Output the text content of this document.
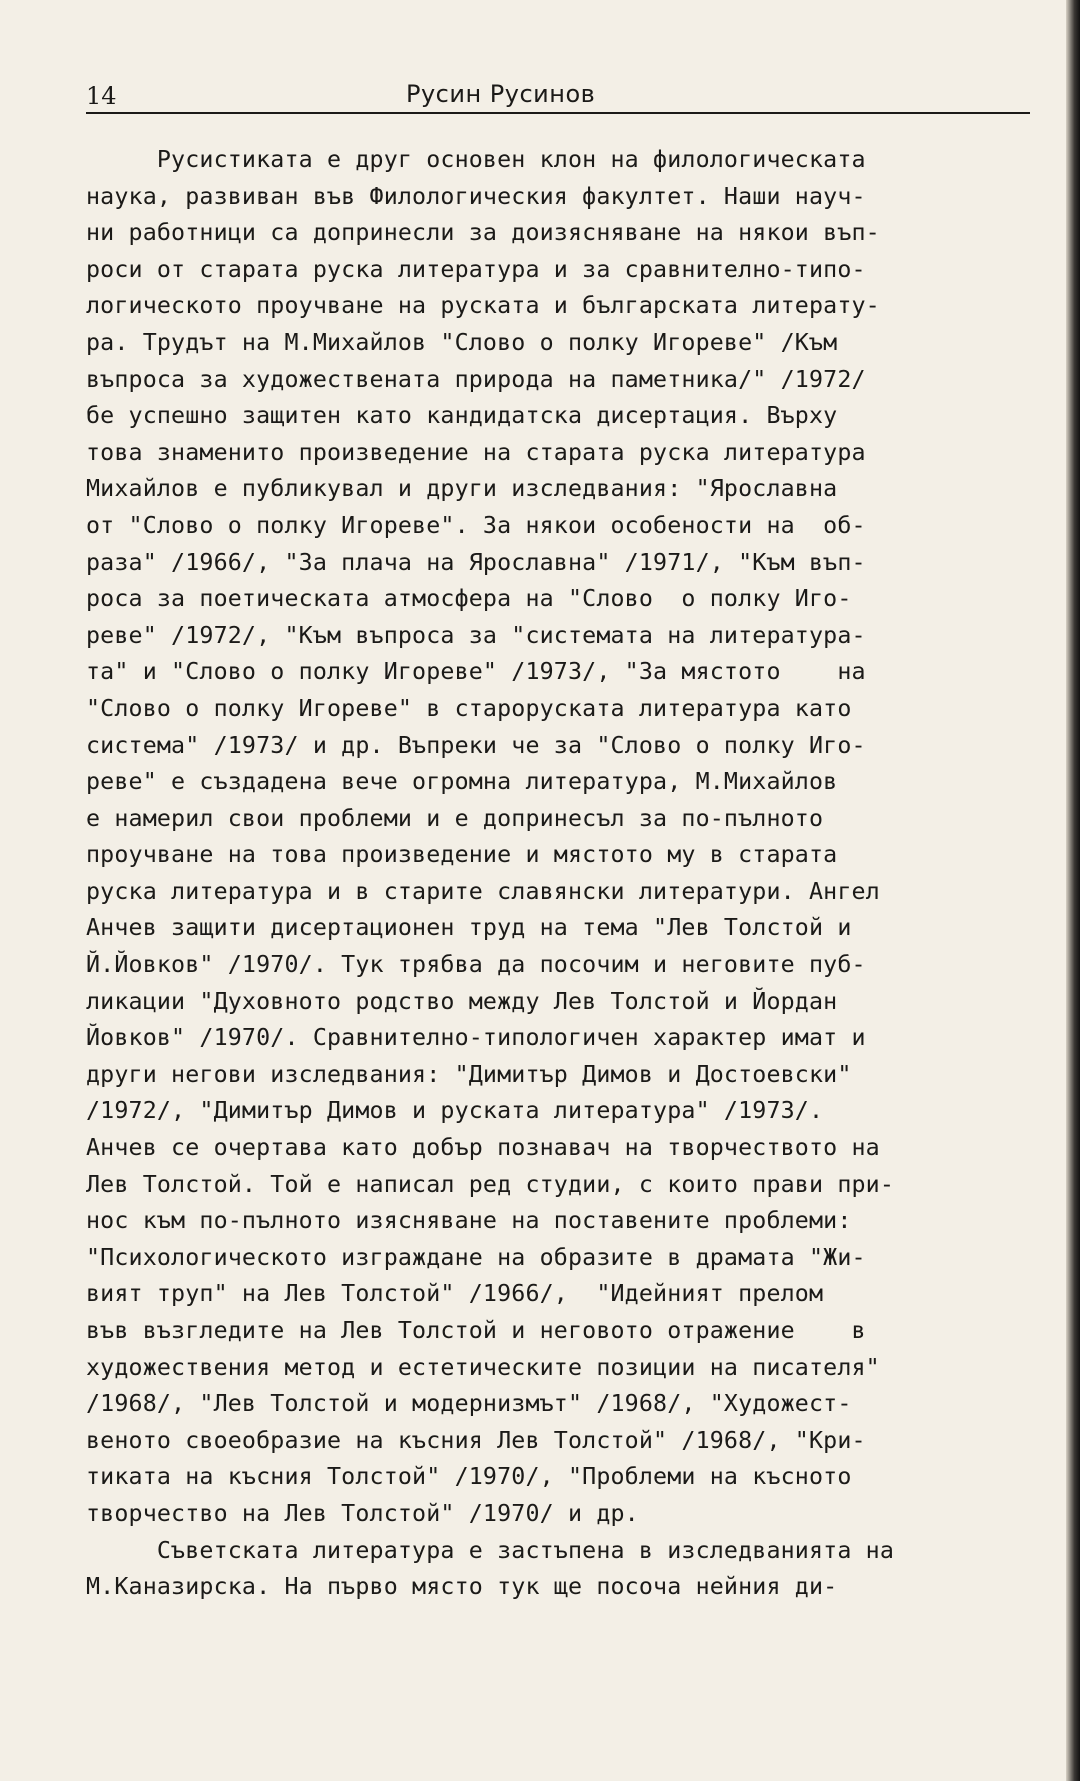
14	Русин Русинов
Русистиката е друг основен клон на филологическата
наука, развиван във Филологическия факултет. Наши науч-
ни работници са допринесли за доизясняване на някои въп-
роси от старата руска литература и за сравнително-типо-
логическото проучване на руската и българската литерату-
ра. Трудът на М.Михайлов "Слово о полку Игореве" /Към
въпроса за художествената природа на паметника/" /1972/
бе успешно защитен като кандидатска дисертация. Върху
това знаменито произведение на старата руска литература
Михайлов е публикувал и други изследвания: "Ярославна
от "Слово о полку Игореве". За някои особености на  об-
раза" /1966/, "За плача на Ярославна" /1971/, "Към въп-
роса за поетическата атмосфера на "Слово  о полку Иго-
реве" /1972/, "Към въпроса за "системата на литература-
та" и "Слово о полку Игореве" /1973/, "За мястото    на
"Слово о полку Игореве" в староруската литература като
система" /1973/ и др. Въпреки че за "Слово о полку Иго-
реве" е създадена вече огромна литература, М.Михайлов
е намерил свои проблеми и е допринесъл за по-пълното
проучване на това произведение и мястото му в старата
руска литература и в старите славянски литератури. Ангел
Анчев защити дисертационен труд на тема "Лев Толстой и
Й.Йовков" /1970/. Тук трябва да посочим и неговите пуб-
ликации "Духовното родство между Лев Толстой и Йордан
Йовков" /1970/. Сравнително-типологичен характер имат и
други негови изследвания: "Димитър Димов и Достоевски"
/1972/, "Димитър Димов и руската литература" /1973/.
Анчев се очертава като добър познавач на творчеството на
Лев Толстой. Той е написал ред студии, с които прави при-
нос към по-пълното изясняване на поставените проблеми:
"Психологическото изграждане на образите в драмата "Жи-
вият труп" на Лев Толстой" /1966/,  "Идейният прелом
във възгледите на Лев Толстой и неговото отражение    в
художествения метод и естетическите позиции на писателя"
/1968/, "Лев Толстой и модернизмът" /1968/, "Художест-
веното своеобразие на късния Лев Толстой" /1968/, "Кри-
тиката на късния Толстой" /1970/, "Проблеми на късното
творчество на Лев Толстой" /1970/ и др.
Съветската литература е застъпена в изследванията на
М.Каназирска. На първо място тук ще посоча нейния ди-
